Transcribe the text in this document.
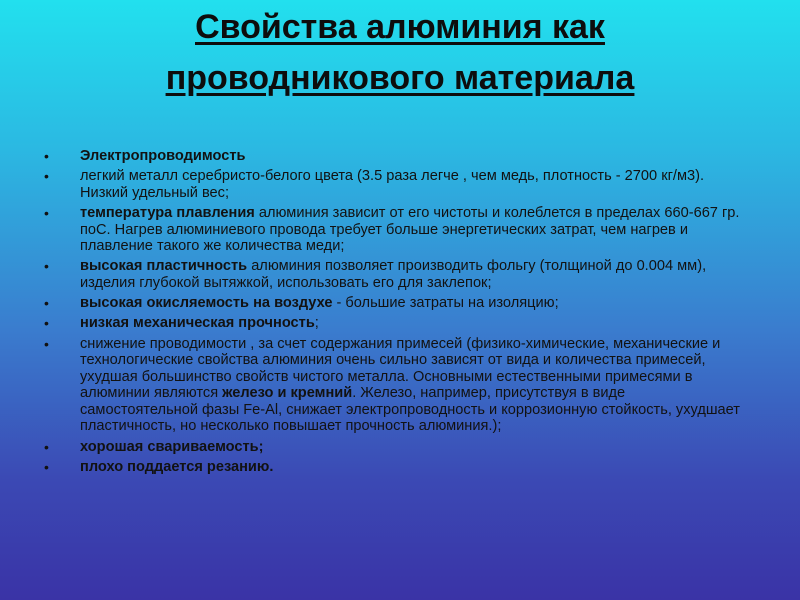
Свойства алюминия как
проводникового материала
• Электропроводимость
• легкий металл серебристо-белого цвета (3.5 раза легче , чем медь, плотность - 2700 кг/м3). Низкий удельный вес;
• температура плавления алюминия зависит от его чистоты и колеблется в пределах 660-667 гр. поС. Нагрев алюминиевого провода требует больше энергетических затрат, чем нагрев и плавление такого же количества меди;
• высокая пластичность алюминия позволяет производить фольгу (толщиной до 0.004 мм), изделия глубокой вытяжкой, использовать его для заклепок;
• высокая окисляемость на воздухе - большие затраты на изоляцию;
• низкая механическая прочность;
• снижение проводимости , за счет содержания примесей (физико-химические, механические и технологические свойства алюминия очень сильно зависят от вида и количества примесей, ухудшая большинство свойств чистого металла. Основными естественными примесями в алюминии являются железо и кремний. Железо, например, присутствуя в виде самостоятельной фазы Fe-Al, снижает электропроводность и коррозионную стойкость, ухудшает пластичность, но несколько повышает прочность алюминия.);
• хорошая свариваемость;
• плохо поддается резанию.
